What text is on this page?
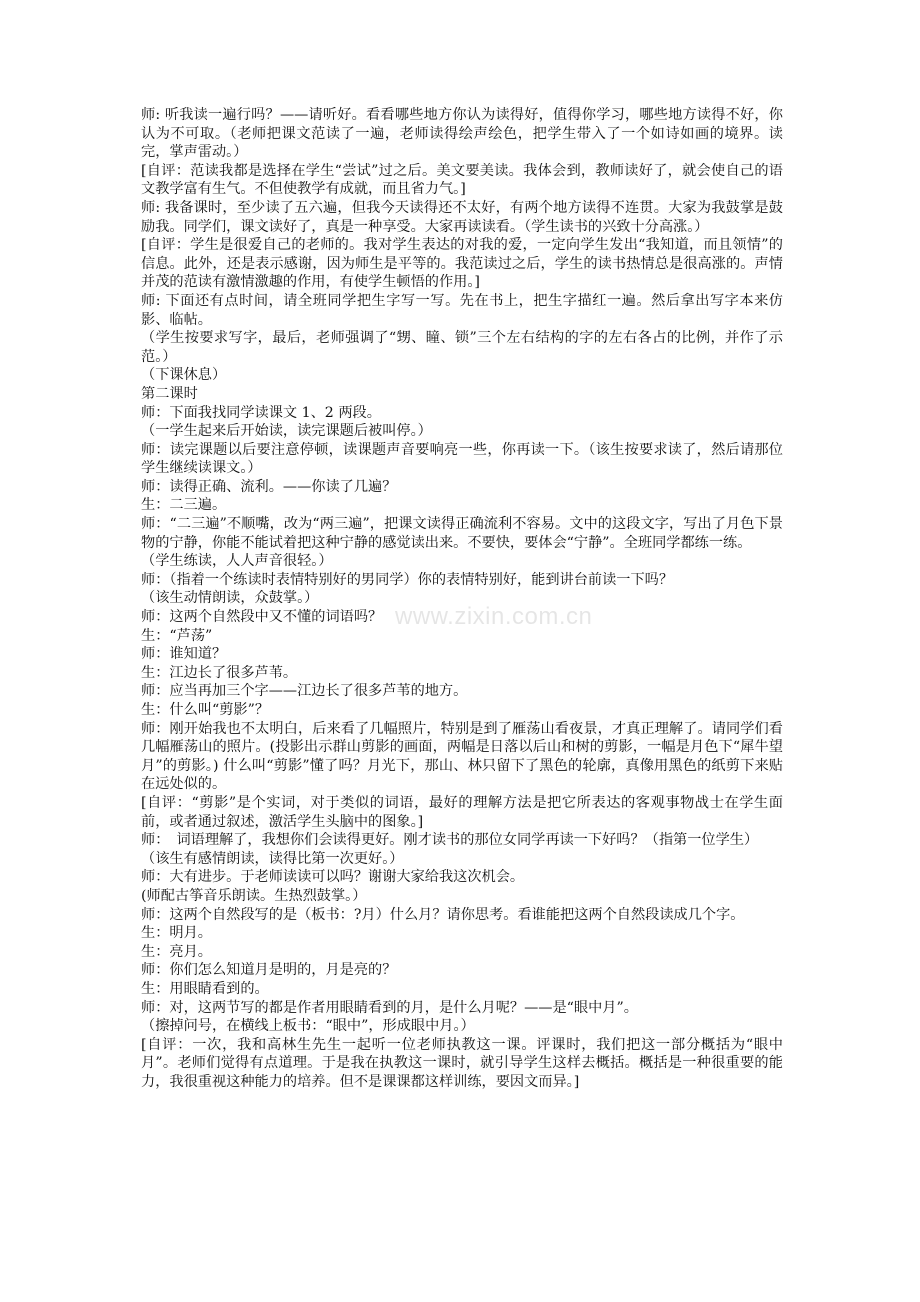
www.zixin.com.cn

师: 听我读一遍行吗？——请听好。看看哪些地方你认为读得好，值得你学习，哪些地方读得不好，你认为不可取。（老师把课文范读了一遍，老师读得绘声绘色，把学生带入了一个如诗如画的境界。读完，掌声雷动。）

[自评：范读我都是选择在学生“尝试”过之后。美文要美读。我体会到，教师读好了，就会使自己的语文教学富有生气。不但使教学有成就，而且省力气。]

师: 我备课时，至少读了五六遍，但我今天读得还不太好，有两个地方读得不连贯。大家为我鼓掌是鼓励我。同学们，课文读好了，真是一种享受。大家再读读看。（学生读书的兴致十分高涨。）

[自评：学生是很爱自己的老师的。我对学生表达的对我的爱，一定向学生发出“我知道，而且领情”的信息。此外，还是表示感谢，因为师生是平等的。我范读过之后，学生的读书热情总是很高涨的。声情并茂的范读有激情激趣的作用，有使学生顿悟的作用。]

师: 下面还有点时间，请全班同学把生字写一写。先在书上，把生字描红一遍。然后拿出写字本来仿影、临帖。

（学生按要求写字，最后，老师强调了“甥、瞳、锁”三个左右结构的字的左右各占的比例，并作了示范。）

（下课休息）

第二课时

师：下面我找同学读课文 1、2 两段。

（一学生起来后开始读，读完课题后被叫停。）

师：读完课题以后要注意停顿，读课题声音要响亮一些，你再读一下。（该生按要求读了，然后请那位学生继续读课文。）

师：读得正确、流利。——你读了几遍？

生：二三遍。

师：“二三遍”不顺嘴，改为“两三遍”，把课文读得正确流利不容易。文中的这段文字，写出了月色下景物的宁静，你能不能试着把这种宁静的感觉读出来。不要快，要体会“宁静”。全班同学都练一练。

（学生练读，人人声音很轻。）

师：（指着一个练读时表情特别好的男同学）你的表情特别好，能到讲台前读一下吗？

（该生动情朗读，众鼓掌。）

师：这两个自然段中又不懂的词语吗？

生：“芦荡”

师：谁知道？

生：江边长了很多芦苇。

师：应当再加三个字——江边长了很多芦苇的地方。

生：什么叫“剪影”？

师：刚开始我也不太明白，后来看了几幅照片，特别是到了雁荡山看夜景，才真正理解了。请同学们看几幅雁荡山的照片。(投影出示群山剪影的画面，两幅是日落以后山和树的剪影，一幅是月色下“犀牛望月”的剪影。) 什么叫“剪影”懂了吗？月光下，那山、林只留下了黑色的轮廓，真像用黑色的纸剪下来贴在远处似的。

[自评：“剪影”是个实词，对于类似的词语，最好的理解方法是把它所表达的客观事物战士在学生面前，或者通过叙述，激活学生头脑中的图象。]

师：　词语理解了，我想你们会读得更好。刚才读书的那位女同学再读一下好吗？（指第一位学生）

（该生有感情朗读，读得比第一次更好。）

师：大有进步。于老师读读可以吗？谢谢大家给我这次机会。

(师配古筝音乐朗读。生热烈鼓掌。）

师：这两个自然段写的是（板书：?月）什么月？请你思考。看谁能把这两个自然段读成几个字。

生：明月。

生：亮月。

师：你们怎么知道月是明的，月是亮的？

生：用眼睛看到的。

师：对，这两节写的都是作者用眼睛看到的月，是什么月呢？——是“眼中月”。

（擦掉问号，在横线上板书：“眼中”，形成眼中月。）

[自评：一次，我和高林生先生一起听一位老师执教这一课。评课时，我们把这一部分概括为“眼中月”。老师们觉得有点道理。于是我在执教这一课时，就引导学生这样去概括。概括是一种很重要的能力，我很重视这种能力的培养。但不是课课都这样训练，要因文而异。]
